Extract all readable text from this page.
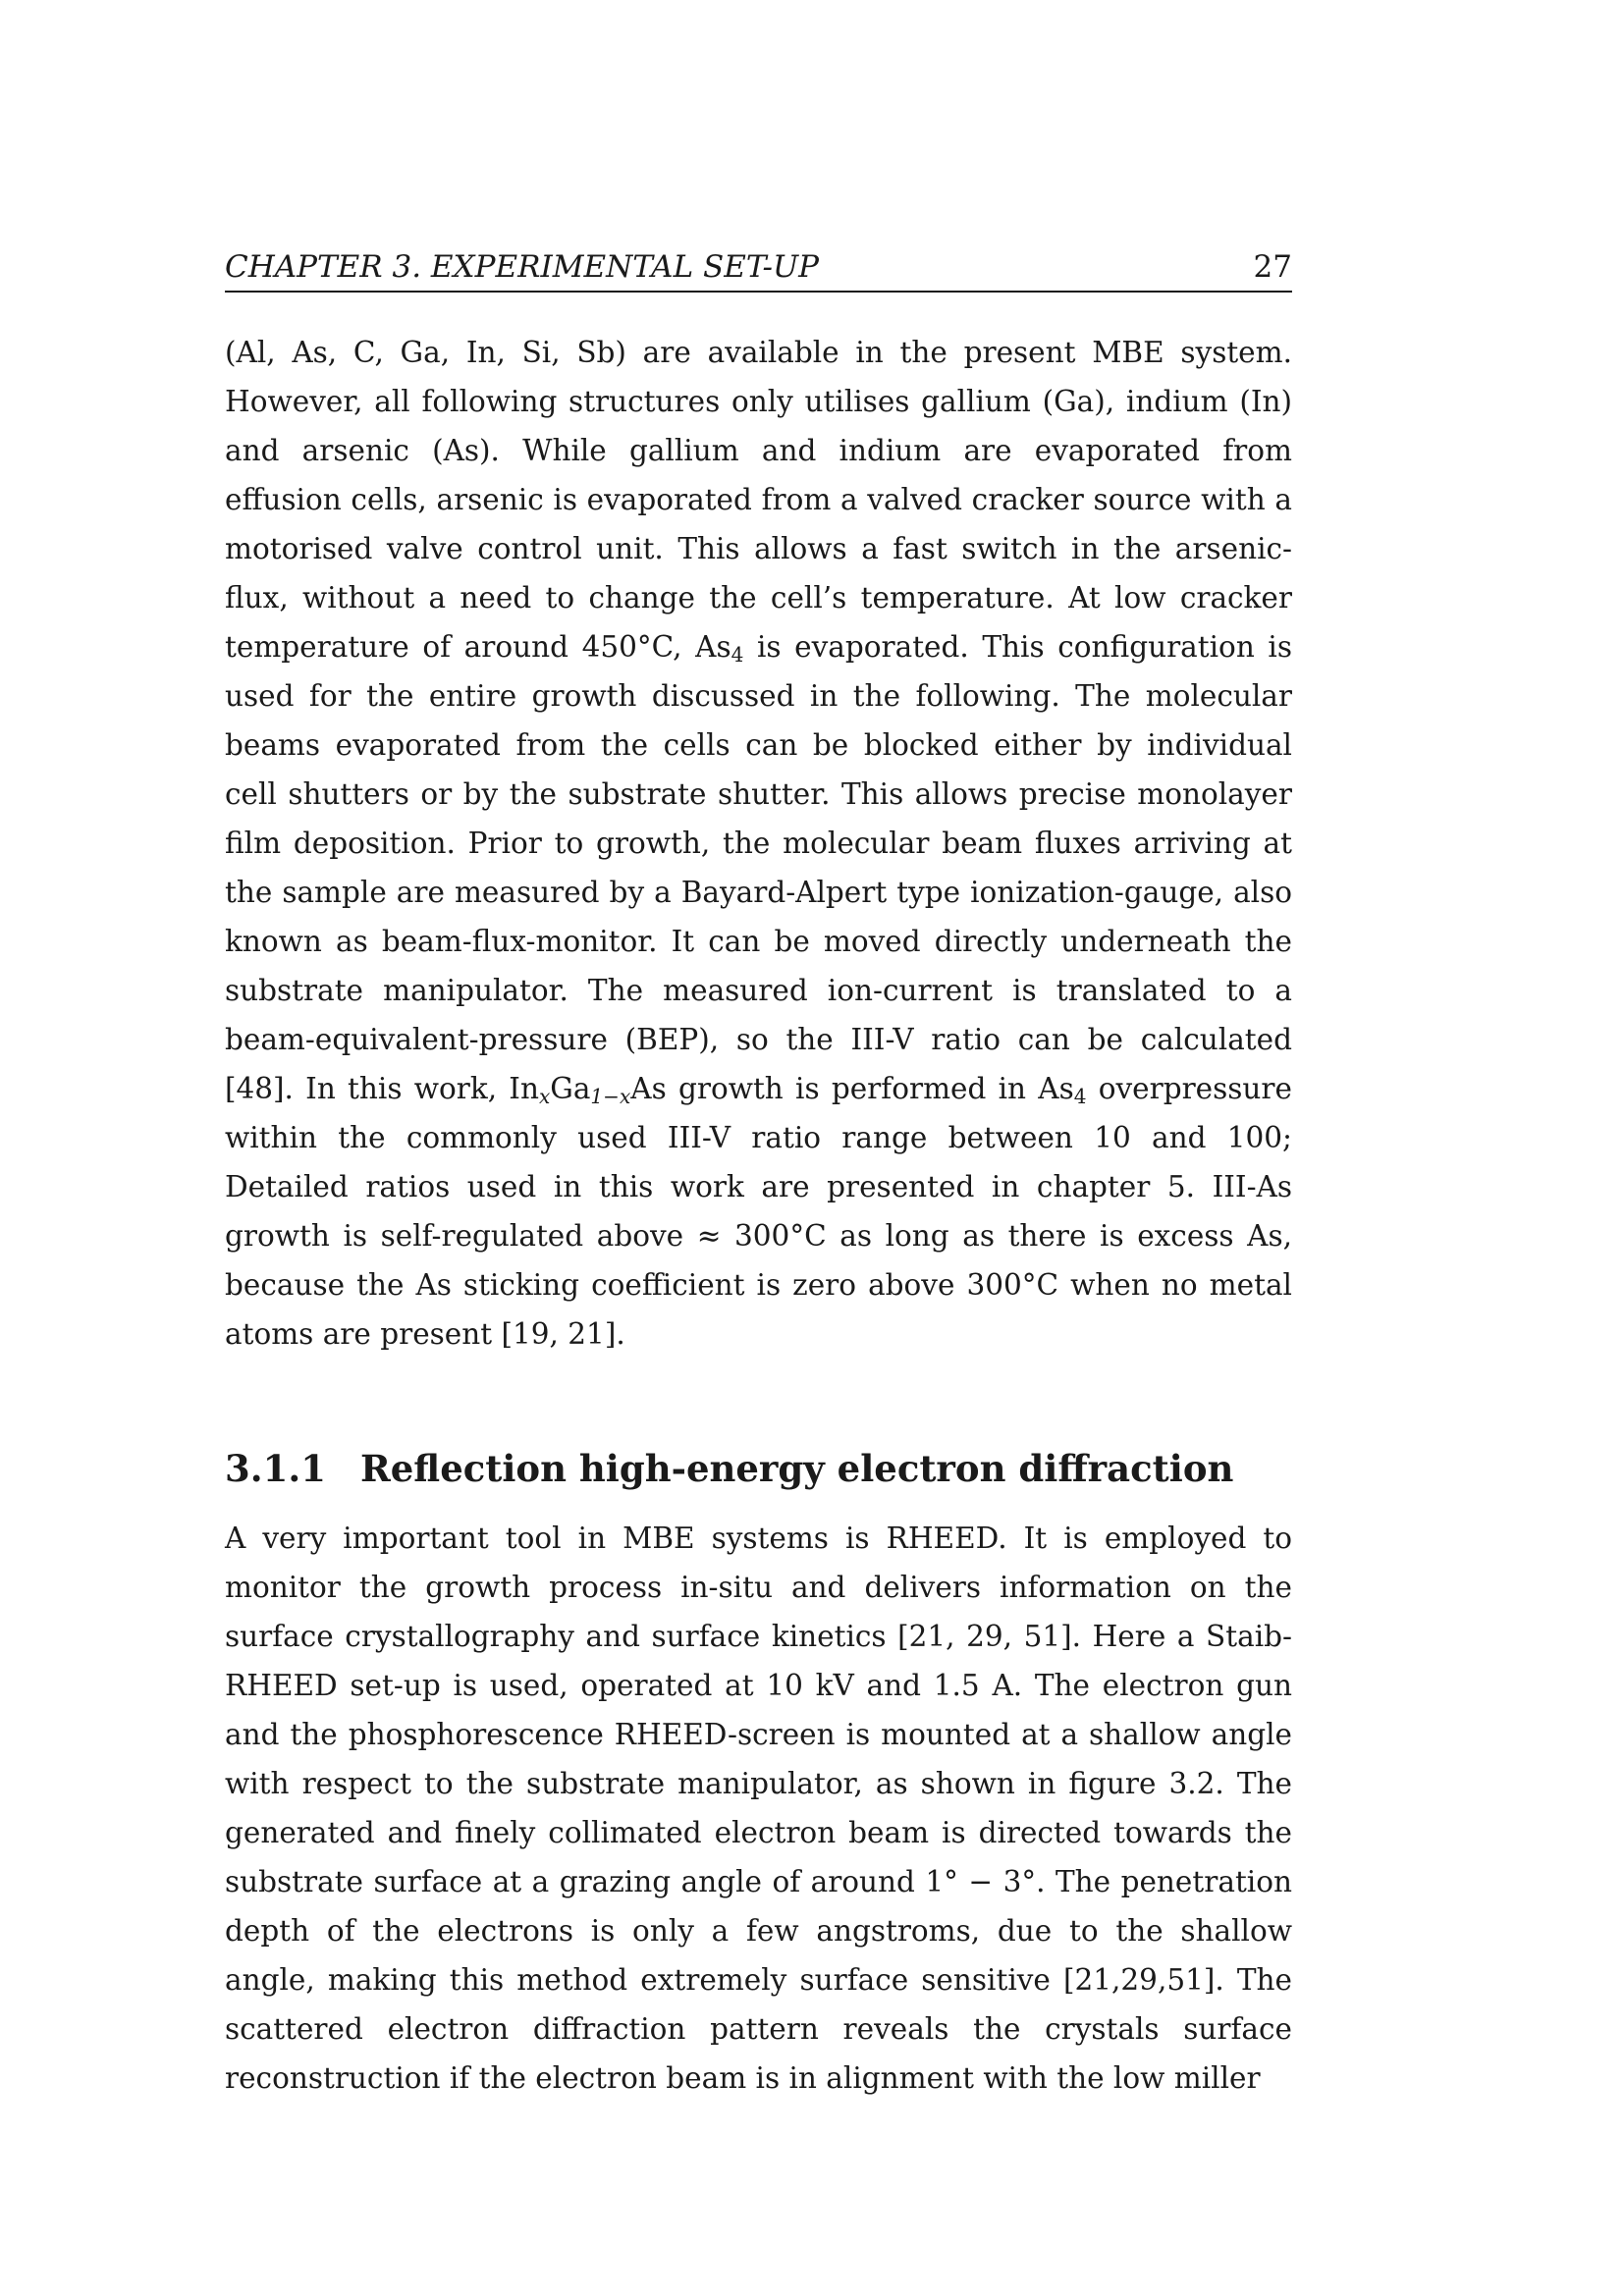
CHAPTER 3. EXPERIMENTAL SET-UP	27

(Al, As, C, Ga, In, Si, Sb) are available in the present MBE system. However, all following structures only utilises gallium (Ga), indium (In) and arsenic (As). While gallium and indium are evaporated from effusion cells, arsenic is evaporated from a valved cracker source with a motorised valve control unit. This allows a fast switch in the arsenic-flux, without a need to change the cell’s temperature. At low cracker temperature of around 450°C, $As_4$ is evaporated. This configuration is used for the entire growth discussed in the following. The molecular beams evaporated from the cells can be blocked either by individual cell shutters or by the substrate shutter. This allows precise monolayer film deposition. Prior to growth, the molecular beam fluxes arriving at the sample are measured by a Bayard-Alpert type ionization-gauge, also known as beam-flux-monitor. It can be moved directly underneath the substrate manipulator. The measured ion-current is translated to a beam-equivalent-pressure (BEP), so the III-V ratio can be calculated [48]. In this work, $In_xGa_{1-x}As$ growth is performed in $As_4$ overpressure within the commonly used III-V ratio range between 10 and 100; Detailed ratios used in this work are presented in chapter 5. III-As growth is self-regulated above ≈ 300°C as long as there is excess As, because the As sticking coefficient is zero above 300°C when no metal atoms are present [19, 21].

3.1.1 Reflection high-energy electron diffraction

A very important tool in MBE systems is RHEED. It is employed to monitor the growth process in-situ and delivers information on the surface crystallography and surface kinetics [21, 29, 51]. Here a Staib-RHEED set-up is used, operated at 10 kV and 1.5 A. The electron gun and the phosphorescence RHEED-screen is mounted at a shallow angle with respect to the substrate manipulator, as shown in figure 3.2. The generated and finely collimated electron beam is directed towards the substrate surface at a grazing angle of around 1° − 3°. The penetration depth of the electrons is only a few angstroms, due to the shallow angle, making this method extremely surface sensitive [21,29,51]. The scattered electron diffraction pattern reveals the crystals surface reconstruction if the electron beam is in alignment with the low miller
